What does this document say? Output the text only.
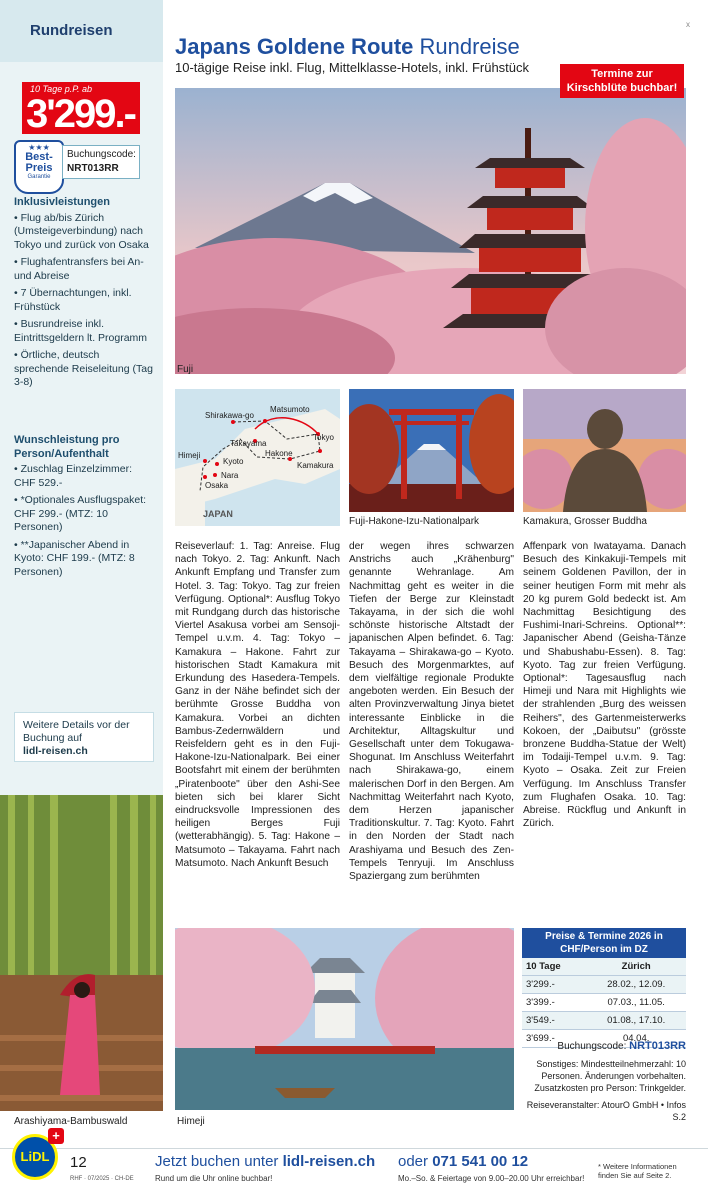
Rundreisen
10 Tage p.P. ab
3'299.-
★★★
Best-
Preis
Garantie
Buchungscode:
NRT013RR
Inklusivleistungen
• Flug ab/bis Zürich (Umsteigeverbindung) nach Tokyo und zurück von Osaka
• Flughafentransfers bei An- und Abreise
• 7 Übernachtungen, inkl. Frühstück
• Busrundreise inkl. Eintrittsgeldern lt. Programm
• Örtliche, deutsch sprechende Reiseleitung (Tag 3-8)
Wunschleistung pro Person/Aufenthalt
• Zuschlag Einzelzimmer: CHF 529.-
• *Optionales Ausflugspaket: CHF 299.- (MTZ: 10 Personen)
• **Japanischer Abend in Kyoto: CHF 199.- (MTZ: 8 Personen)
Weitere Details vor der Buchung auf
lidl-reisen.ch
Japans Goldene Route Rundreise
10-tägige Reise inkl. Flug, Mittelklasse-Hotels, inkl. Frühstück	Termine zur Kirschblüte buchbar!
Fuji
Shirakawa-go
Matsumoto
Takayama
Tokyo
Himeji
Kyoto
Hakone
Nara
Osaka
Kamakura
JAPAN
Fuji-Hakone-Izu-Nationalpark	Kamakura, Grosser Buddha
Reiseverlauf: 1. Tag: Anreise. Flug nach Tokyo. 2. Tag: Ankunft. Nach Ankunft Empfang und Transfer zum Hotel. 3. Tag: Tokyo. Tag zur freien Verfügung. Optional*: Ausflug Tokyo mit Rundgang durch das historische Viertel Asakusa vorbei am Sensoji-Tempel u.v.m. 4. Tag: Tokyo – Kamakura – Hakone. Fahrt zur historischen Stadt Kamakura mit Erkundung des Hasedera-Tempels. Ganz in der Nähe befindet sich der berühmte Grosse Buddha von Kamakura. Vorbei an dichten Bambus-Zedernwäldern und Reisfeldern geht es in den Fuji-Hakone-Izu-Nationalpark. Bei einer Bootsfahrt mit einem der berühmten „Piratenboote" über den Ashi-See bieten sich bei klarer Sicht eindrucksvolle Impressionen des heiligen Berges Fuji (wetterabhängig). 5. Tag: Hakone – Matsumoto – Takayama. Fahrt nach Matsumoto. Nach Ankunft Besuch
der wegen ihres schwarzen Anstrichs auch „Krähenburg" genannte Wehranlage. Am Nachmittag geht es weiter in die Tiefen der Berge zur Kleinstadt Takayama, in der sich die wohl schönste historische Altstadt der japanischen Alpen befindet. 6. Tag: Takayama – Shirakawa-go – Kyoto. Besuch des Morgenmarktes, auf dem vielfältige regionale Produkte angeboten werden. Ein Besuch der alten Provinzverwaltung Jinya bietet interessante Einblicke in die Architektur, Alltagskultur und Gesellschaft unter dem Tokugawa-Shogunat. Im Anschluss Weiterfahrt nach Shirakawa-go, einem malerischen Dorf in den Bergen. Am Nachmittag Weiterfahrt nach Kyoto, dem Herzen japanischer Traditionskultur. 7. Tag: Kyoto. Fahrt in den Norden der Stadt nach Arashiyama und Besuch des Zen-Tempels Tenryuji. Im Anschluss Spaziergang zum berühmten
Affenpark von Iwatayama. Danach Besuch des Kinkakuji-Tempels mit seinem Goldenen Pavillon, der in seiner heutigen Form mit mehr als 20 kg purem Gold bedeckt ist. Am Nachmittag Besichtigung des Fushimi-Inari-Schreins. Optional**: Japanischer Abend (Geisha-Tänze und Shabushabu-Essen). 8. Tag: Kyoto. Tag zur freien Verfügung. Optional*: Tagesausflug nach Himeji und Nara mit Highlights wie der strahlenden „Burg des weissen Reihers", des Gartenmeisterwerks Kokoen, der „Daibutsu" (grösste bronzene Buddha-Statue der Welt) im Todaiji-Tempel u.v.m. 9. Tag: Kyoto – Osaka. Zeit zur Freien Verfügung. Im Anschluss Transfer zum Flughafen Osaka. 10. Tag: Abreise. Rückflug und Ankunft in Zürich.
Arashiyama-Bambuswald	Himeji
Preise & Termine 2026 in CHF/Person im DZ
10 Tage	Zürich
3'299.-	28.02., 12.09.
3'399.-	07.03., 11.05.
3'549.-	01.08., 17.10.
3'699.-	04.04.
Buchungscode: NRT013RR
Sonstiges: Mindestteilnehmerzahl: 10 Personen. Änderungen vorbehalten. Zusatzkosten pro Person: Trinkgelder.
Reiseveranstalter: AtourO GmbH • Infos S.2
LiDL
+
12
RHF · 07/2025 · CH-DE
Jetzt buchen unter lidl-reisen.ch
Rund um die Uhr online buchbar!
oder 071 541 00 12
Mo.–So. & Feiertage von 9.00–20.00 Uhr erreichbar!
* Weitere Informationen finden Sie auf Seite 2.
x
